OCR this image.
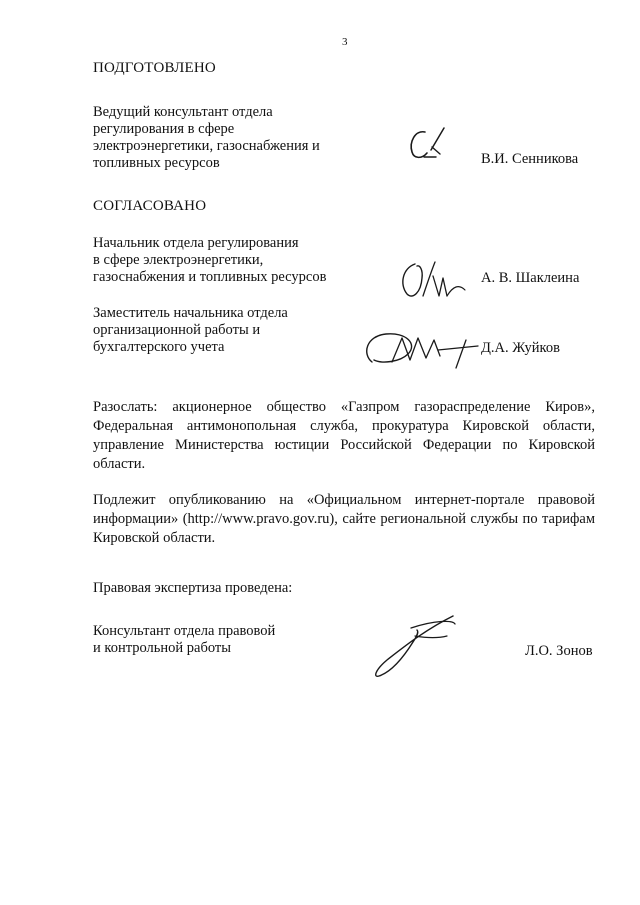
3
ПОДГОТОВЛЕНО
Ведущий консультант отдела
регулирования в сфере
электроэнергетики, газоснабжения и
топливных ресурсов	В.И. Сенникова
СОГЛАСОВАНО
Начальник отдела регулирования
в сфере электроэнергетики,
газоснабжения и топливных ресурсов	А. В. Шаклеина
Заместитель начальника отдела
организационной работы и
бухгалтерского учета	Д.А. Жуйков
Разослать: акционерное общество «Газпром газораспределение Киров», Федеральная антимонопольная служба, прокуратура Кировской области, управление Министерства юстиции Российской Федерации по Кировской области.
Подлежит опубликованию на «Официальном интернет-портале правовой информации» (http://www.pravo.gov.ru), сайте региональной службы по тарифам Кировской области.
Правовая экспертиза проведена:
Консультант отдела правовой
и контрольной работы	Л.О. Зонов
